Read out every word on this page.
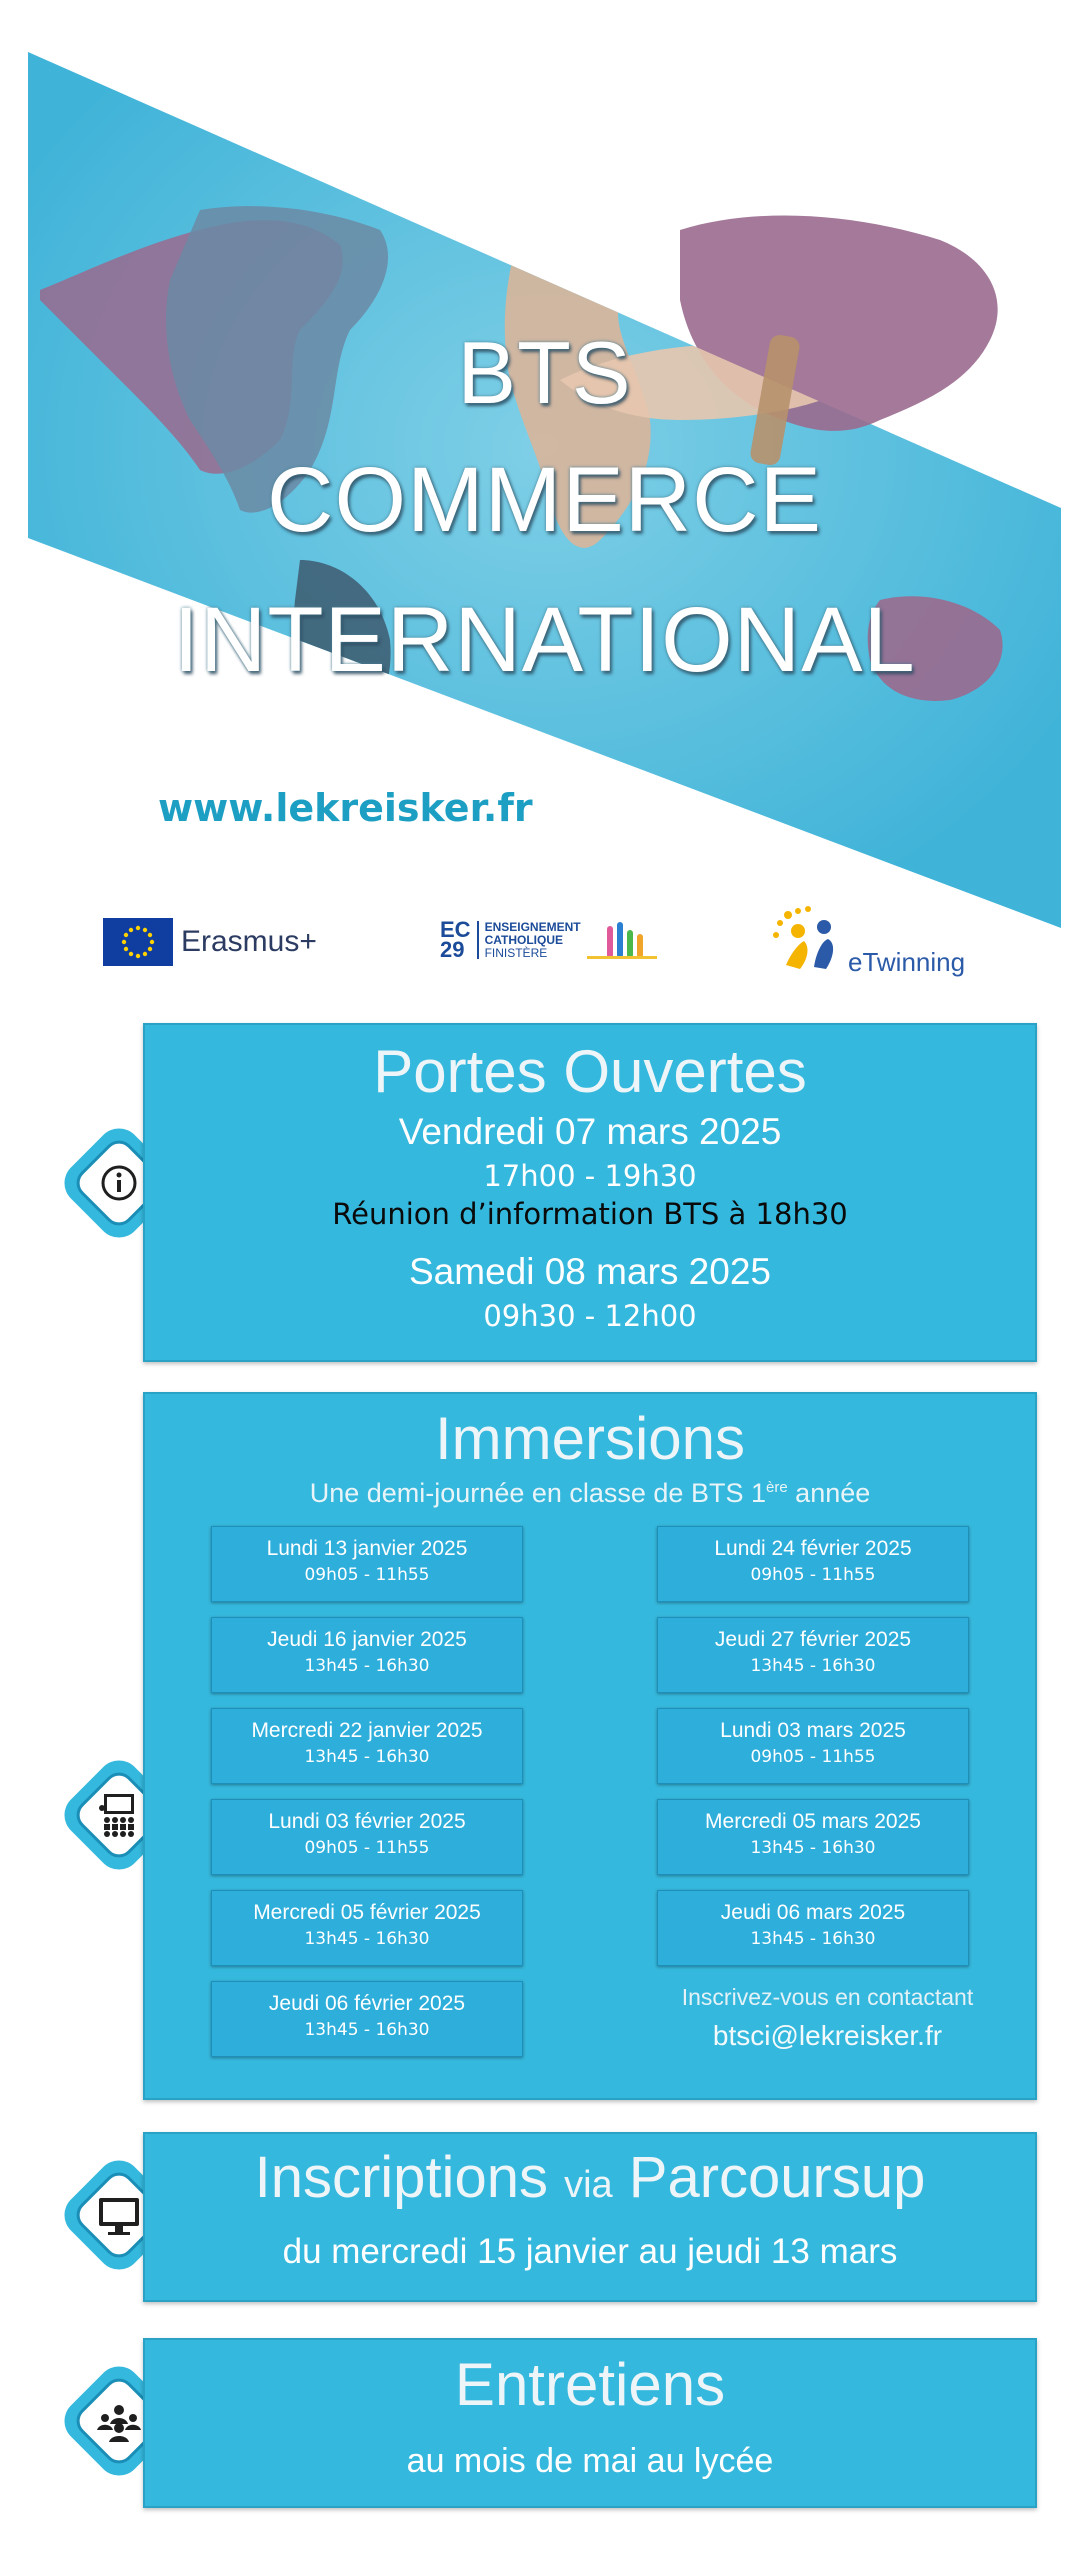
BTS
COMMERCE
INTERNATIONAL
www.lekreisker.fr
Erasmus+	EC
29
ENSEIGNEMENT
CATHOLIQUE
FINISTÈRE	eTwinning
Portes Ouvertes
Vendredi 07 mars 2025
17h00 - 19h30
Réunion d’information BTS à 18h30
Samedi 08 mars 2025
09h30 - 12h00
Immersions
Une demi-journée en classe de BTS 1ère année
Lundi 13 janvier 2025
09h05 - 11h55
Jeudi 16 janvier 2025
13h45 - 16h30
Mercredi 22 janvier 2025
13h45 - 16h30
Lundi 03 février 2025
09h05 - 11h55
Mercredi 05 février 2025
13h45 - 16h30
Jeudi 06 février 2025
13h45 - 16h30
Lundi 24 février 2025
09h05 - 11h55
Jeudi 27 février 2025
13h45 - 16h30
Lundi 03 mars 2025
09h05 - 11h55
Mercredi 05 mars 2025
13h45 - 16h30
Jeudi 06 mars 2025
13h45 - 16h30
Inscrivez-vous en contactant
btsci@lekreisker.fr
Inscriptions via Parcoursup
du mercredi 15 janvier au jeudi 13 mars
Entretiens
au mois de mai au lycée
